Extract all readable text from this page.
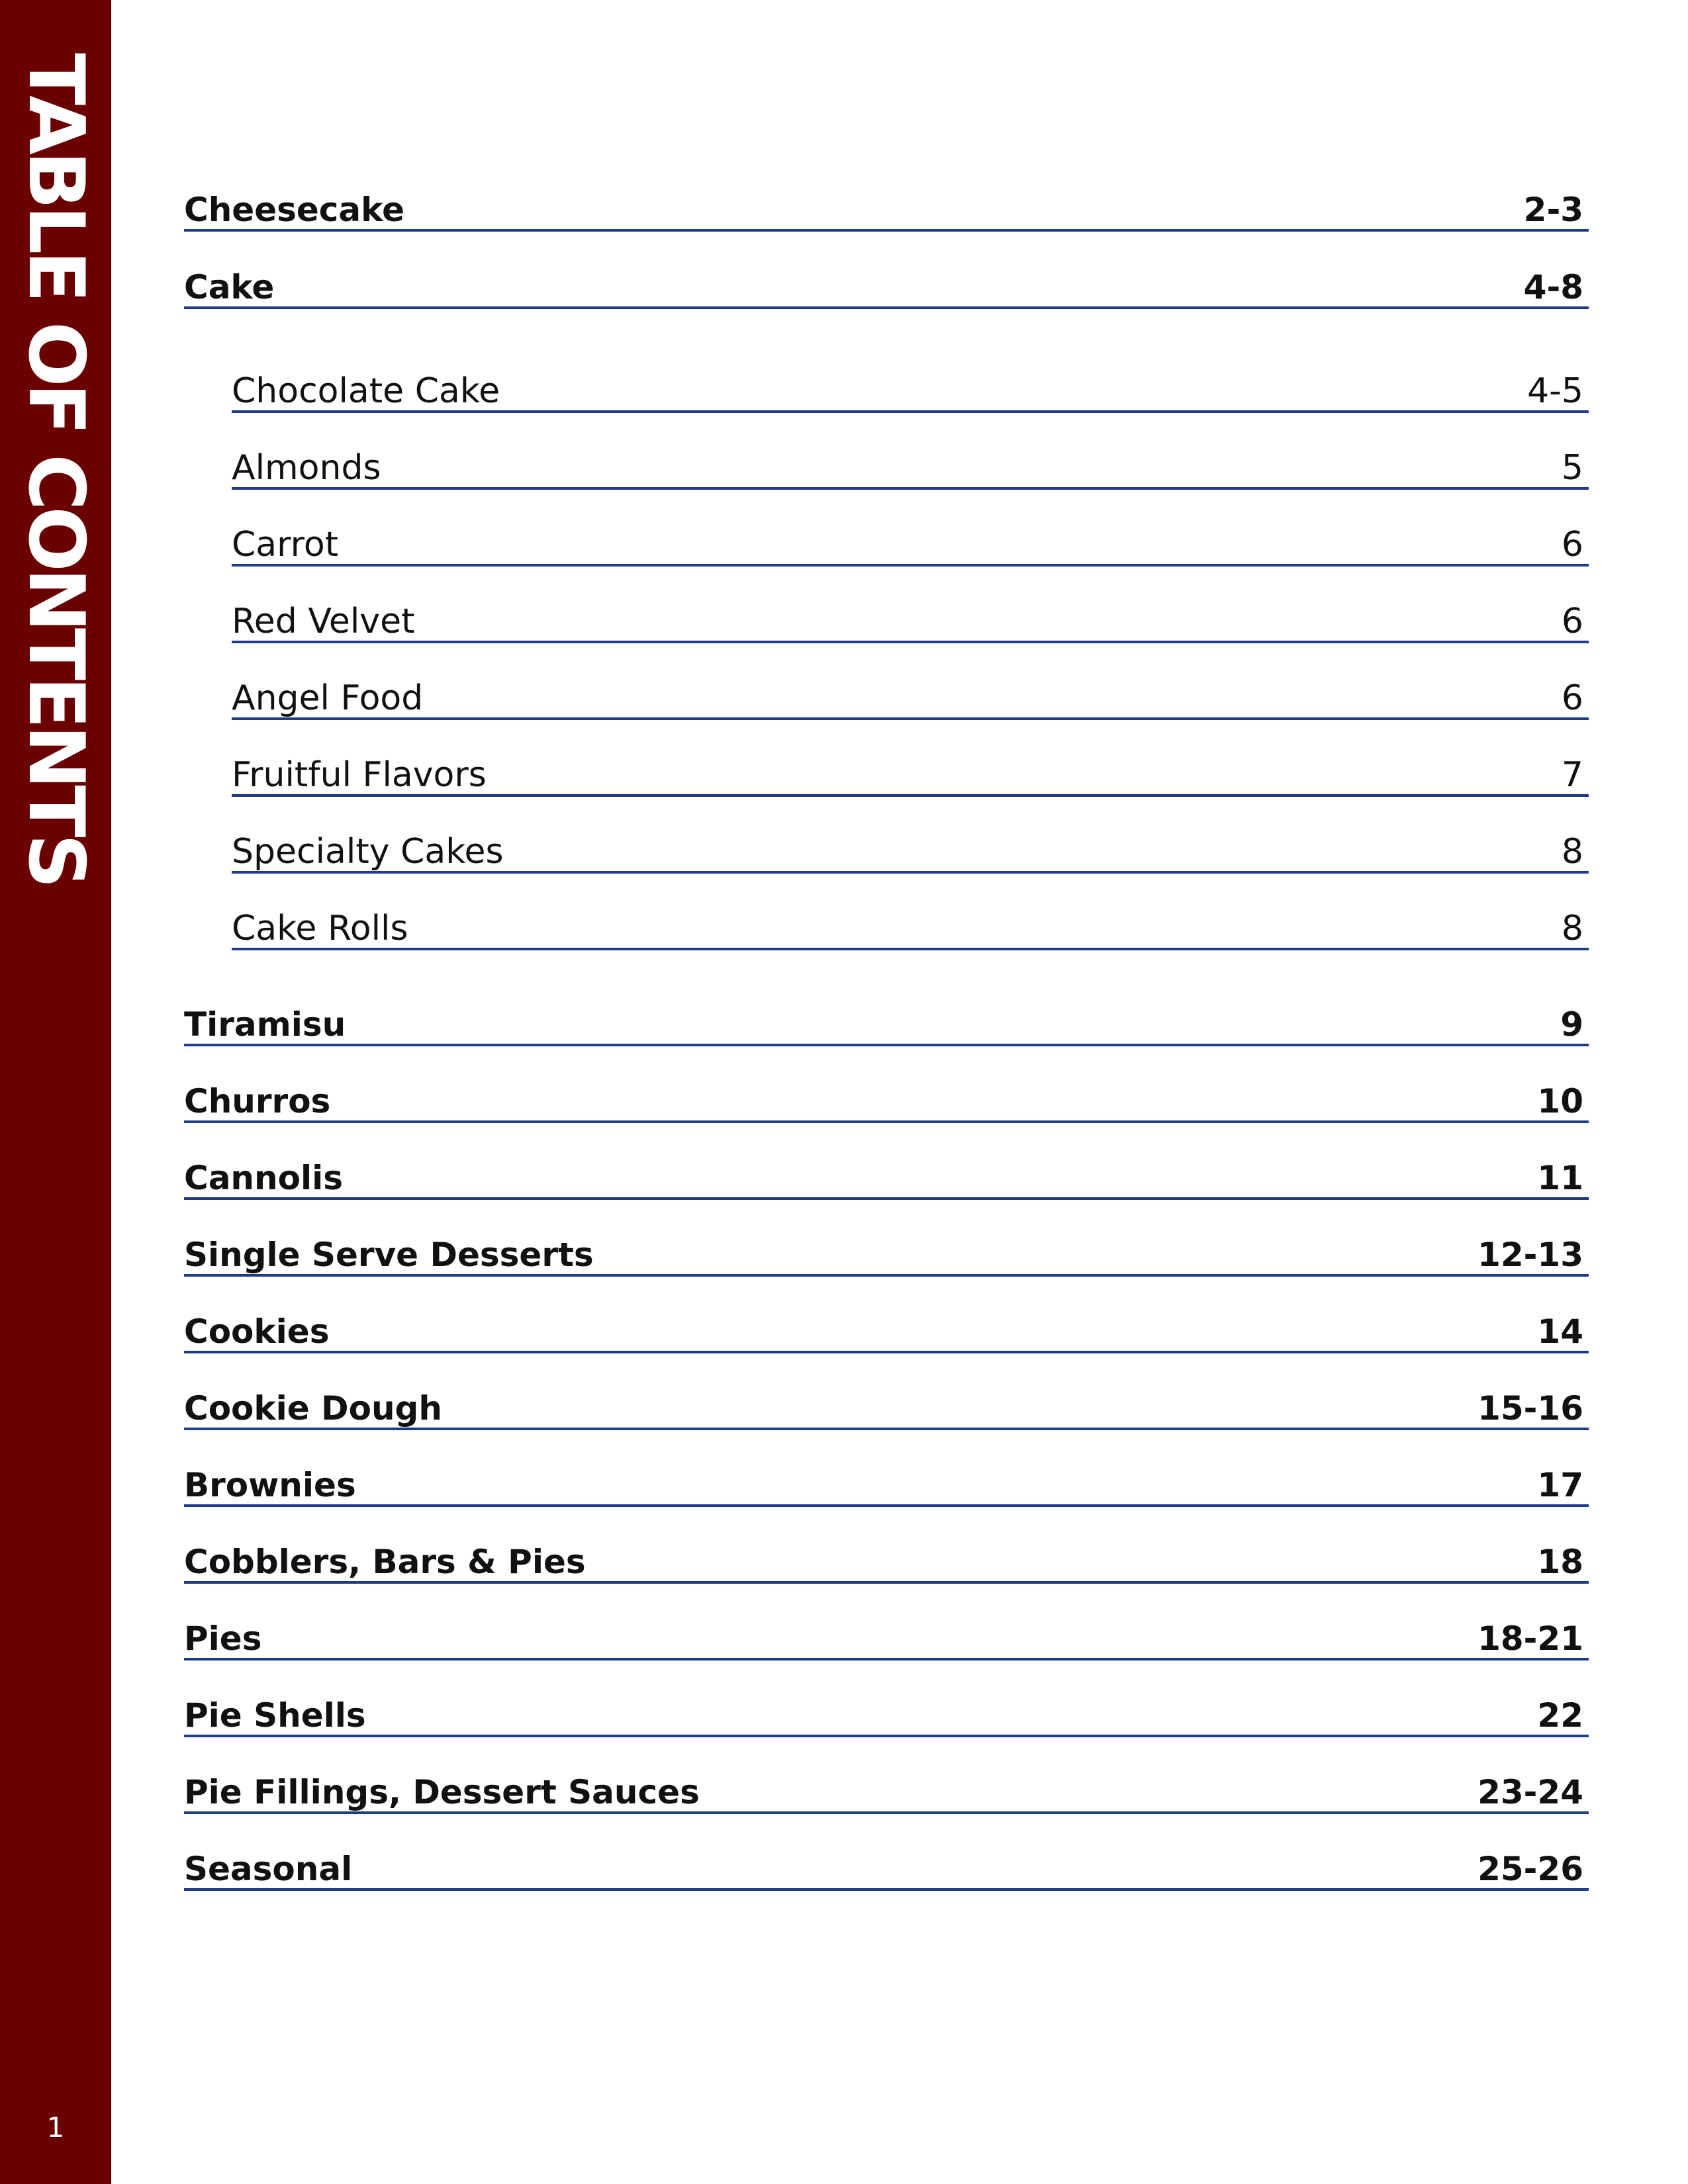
TABLE OF CONTENTS
1
Cheesecake	2-3
Cake	4-8
Chocolate Cake	4-5
Almonds	5
Carrot	6
Red Velvet	6
Angel Food	6
Fruitful Flavors	7
Specialty Cakes	8
Cake Rolls	8
Tiramisu	9
Churros	10
Cannolis	11
Single Serve Desserts	12-13
Cookies	14
Cookie Dough	15-16
Brownies	17
Cobblers, Bars & Pies	18
Pies	18-21
Pie Shells	22
Pie Fillings, Dessert Sauces	23-24
Seasonal	25-26
